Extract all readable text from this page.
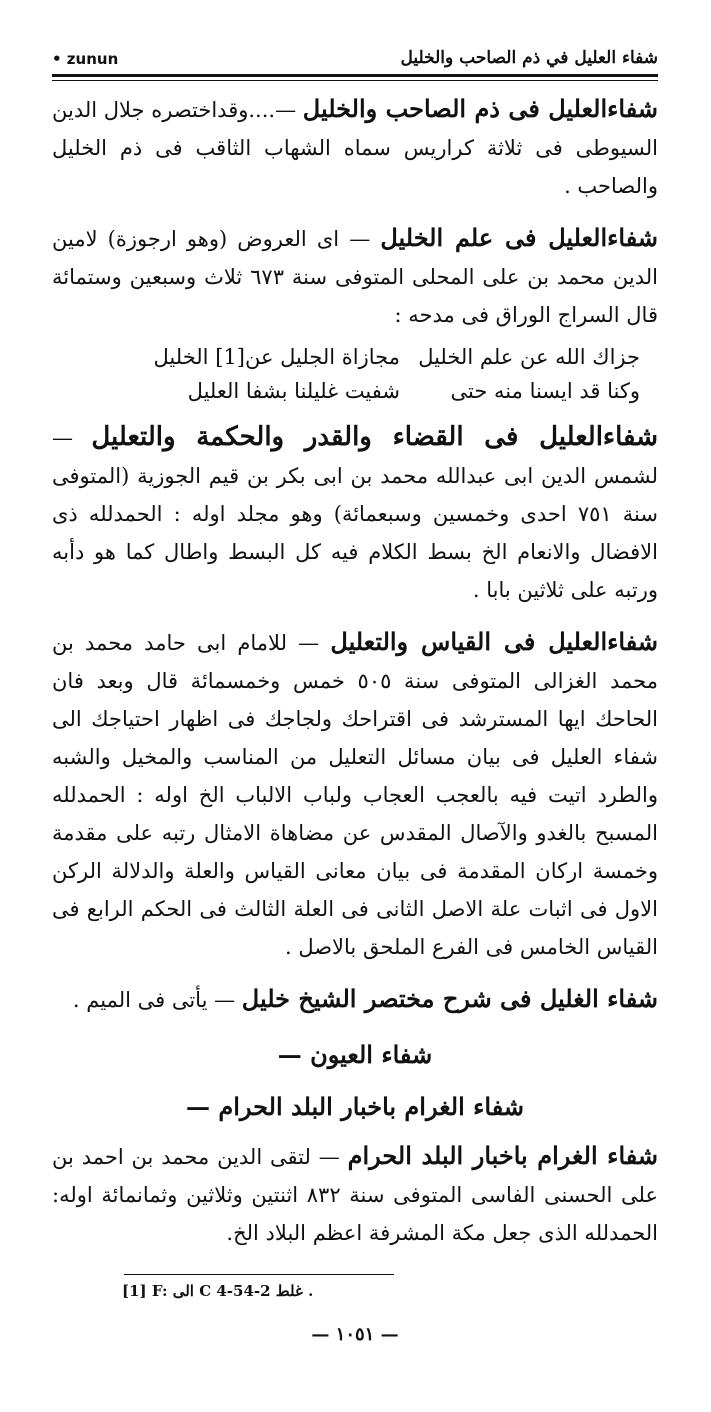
• zunun	شفاء العليل في ذم الصاحب والخليل

شفاءالعليل فى ذم الصاحب والخليل —....وقداختصره جلال الدين السيوطى فى ثلاثة كراريس سماه الشهاب الثاقب فى ذم الخليل والصاحب .

شفاءالعليل فى علم الخليل — اى العروض (وهو ارجوزة) لامين الدين محمد بن على المحلى المتوفى سنة ٦٧٣ ثلاث وسبعين وستمائة قال السراج الوراق فى مدحه :

جزاك الله عن علم الخليل
مجازاة الجليل عن[1] الخليل
وكنا قد ايسنا منه حتى
شفيت غليلنا بشفا العليل

شفاءالعليل فى القضاء والقدر والحكمة والتعليل — لشمس الدين ابى عبدالله محمد بن ابى بكر بن قيم الجوزية (المتوفى سنة ٧٥١ احدى وخمسين وسبعمائة) وهو مجلد اوله : الحمدلله ذى الافضال والانعام الخ بسط الكلام فيه كل البسط واطال كما هو دأبه ورتبه على ثلاثين بابا .

شفاءالعليل فى القياس والتعليل — للامام ابى حامد محمد بن محمد الغزالى المتوفى سنة ٥٠٥ خمس وخمسمائة قال وبعد فان الحاحك ايها المسترشد فى اقتراحك ولجاجك فى اظهار احتياجك الى شفاء العليل فى بيان مسائل التعليل من المناسب والمخيل والشبه والطرد اتيت فيه بالعجب العجاب ولباب الالباب الخ اوله : الحمدلله المسبح بالغدو والآصال المقدس عن مضاهاة الامثال رتبه على مقدمة وخمسة اركان المقدمة فى بيان معانى القياس والعلة والدلالة الركن الاول فى اثبات علة الاصل الثانى فى العلة الثالث فى الحكم الرابع فى القياس الخامس فى الفرع الملحق بالاصل .

شفاء الغليل فى شرح مختصر الشيخ خليل — يأتى فى الميم .

شفاء العيون —
شفاء الغرام باخبار البلد الحرام —

شفاء الغرام باخبار البلد الحرام — لتقى الدين محمد بن احمد بن على الحسنى الفاسى المتوفى سنة ٨٣٢ اثنتين وثلاثين وثمانمائة اوله: الحمدلله الذى جعل مكة المشرفة اعظم البلاد الخ.

[1] F: الى C 4-54-2 غلط .
— ١٠٥١ —
